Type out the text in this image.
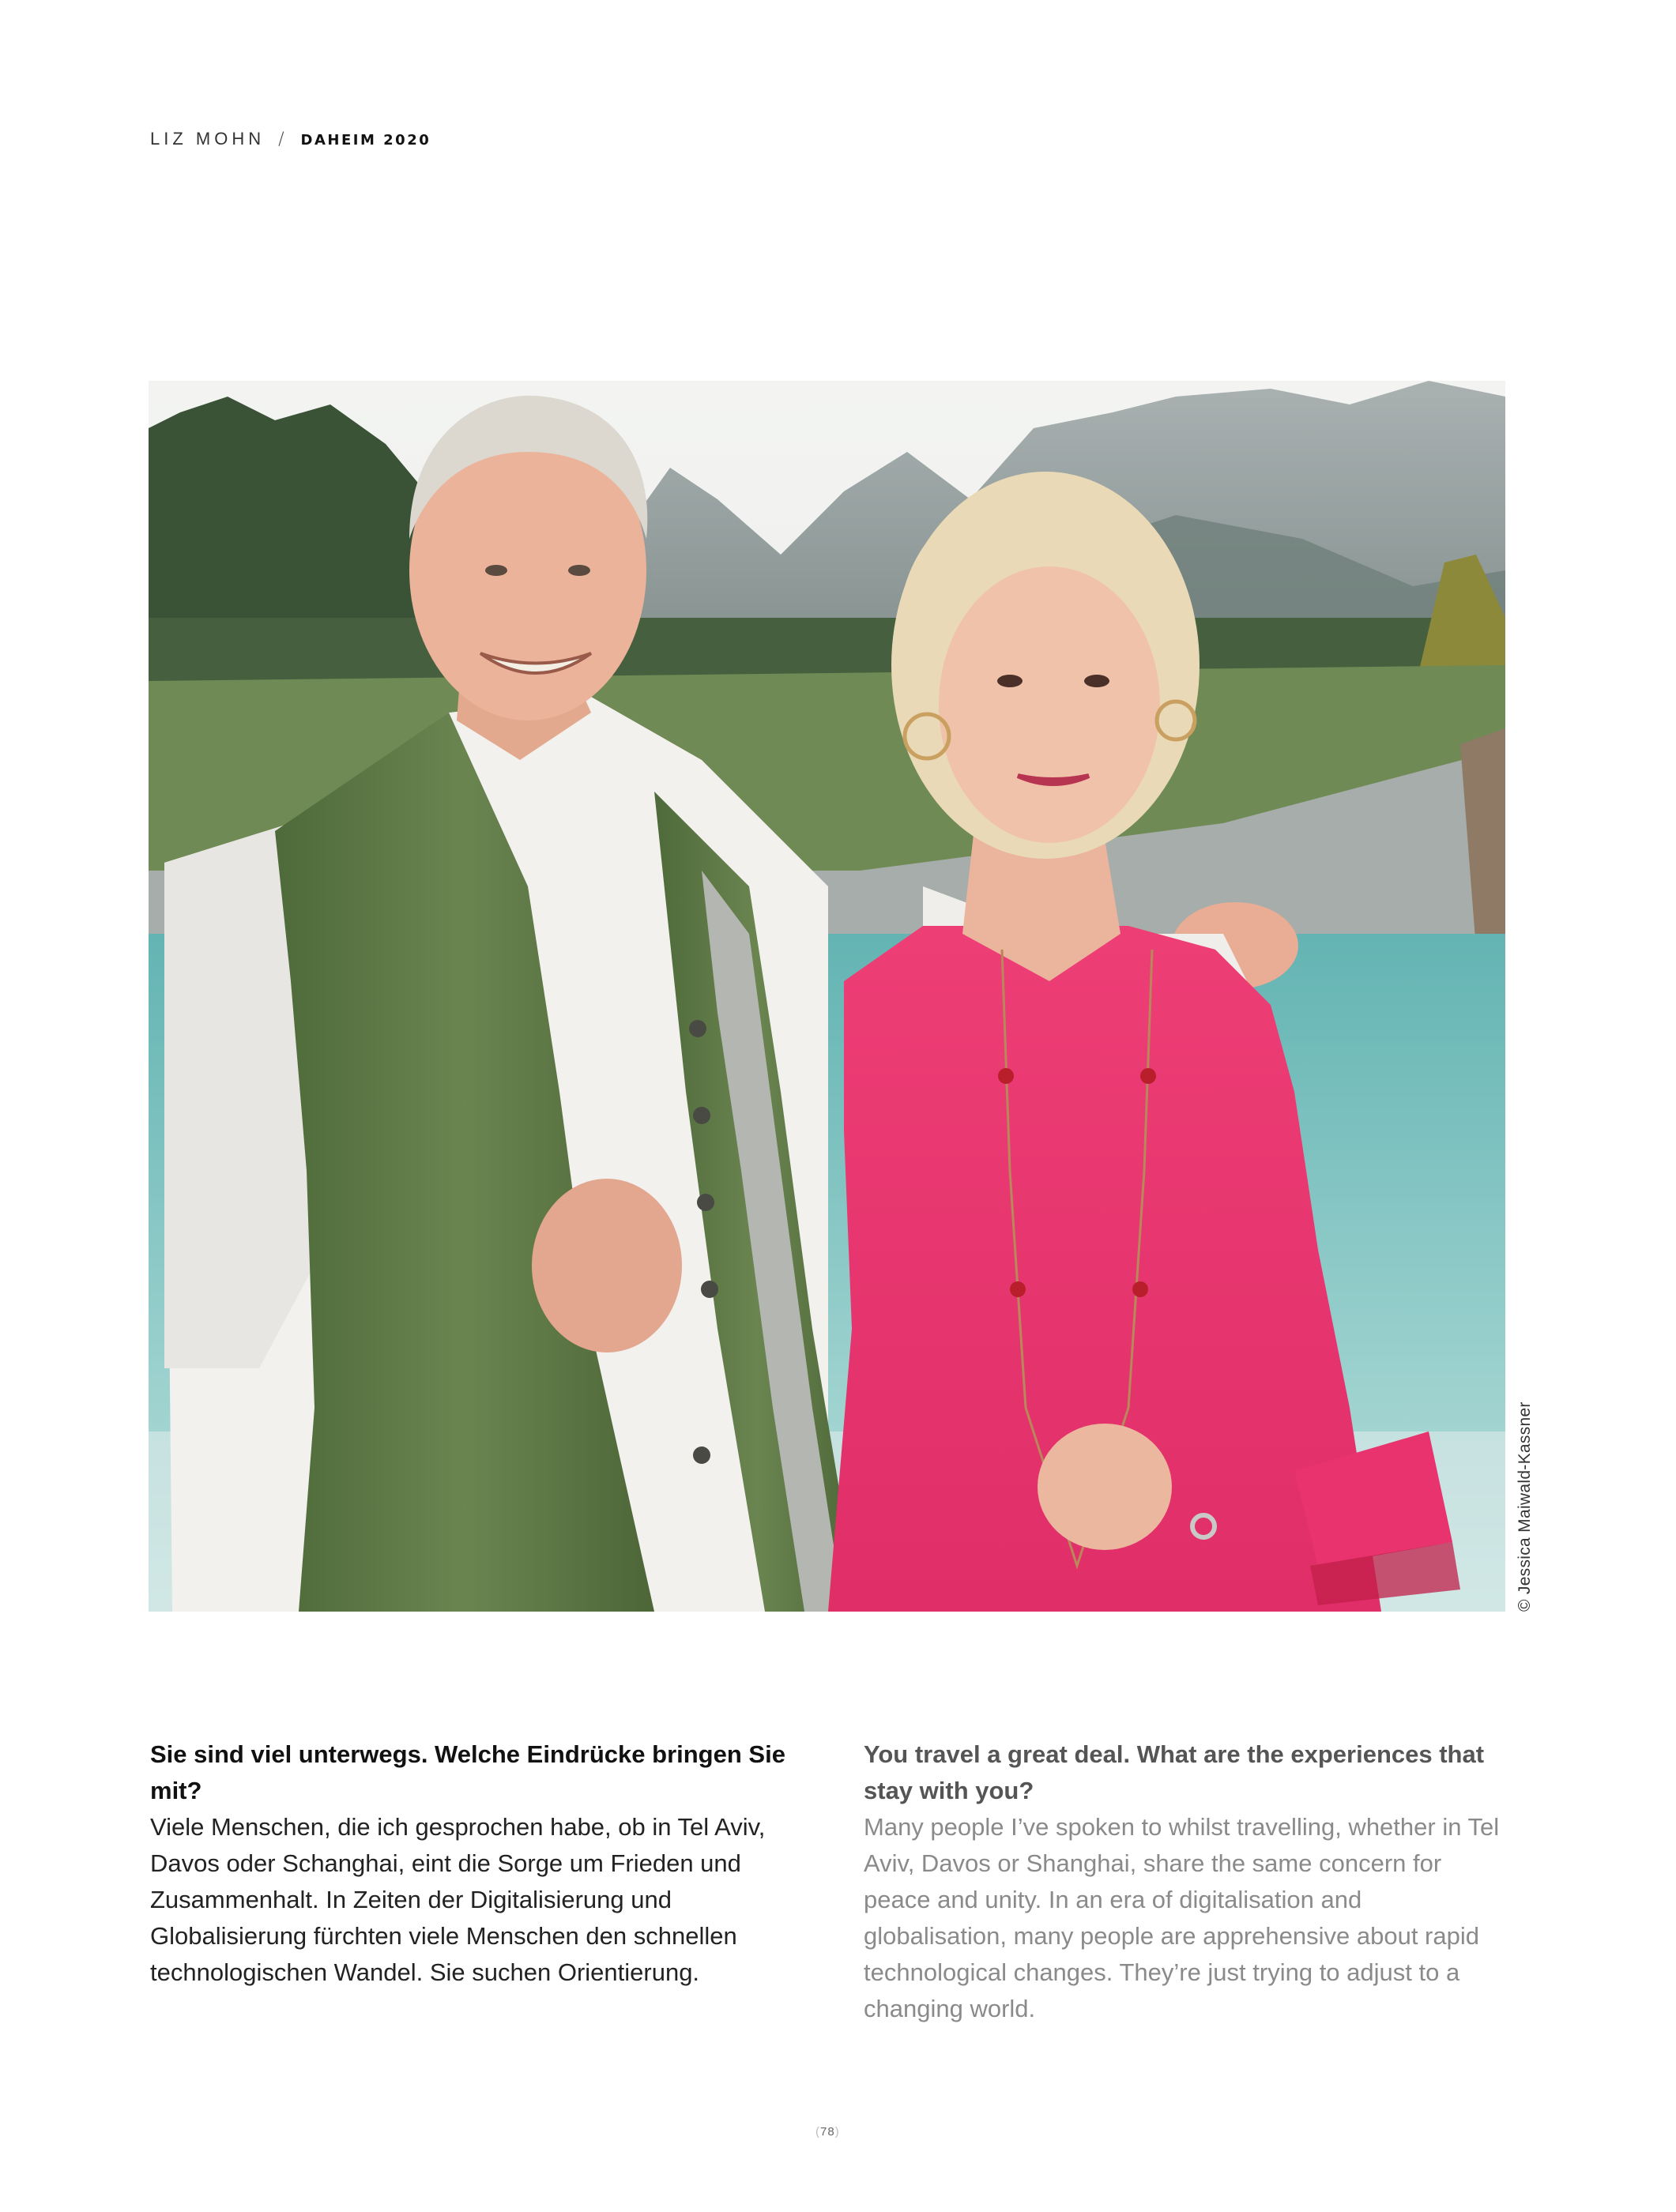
LIZ MOHN / DAHEIM 2020
© Jessica Maiwald-Kassner
Sie sind viel unterwegs. Welche Eindrücke bringen Sie mit?

Viele Menschen, die ich gesprochen habe, ob in Tel Aviv, Davos oder Schanghai, eint die Sorge um Frieden und Zusammenhalt. In Zeiten der Digitalisierung und Globalisierung fürchten viele Menschen den schnellen technologischen Wandel. Sie suchen Orientierung.

You travel a great deal. What are the experiences that stay with you?

Many people I’ve spoken to whilst travelling, whether in Tel Aviv, Davos or Shanghai, share the same concern for peace and unity. In an era of digitalisation and globalisation, many people are apprehensive about rapid technological changes. They’re just trying to adjust to a changing world.

(78)
